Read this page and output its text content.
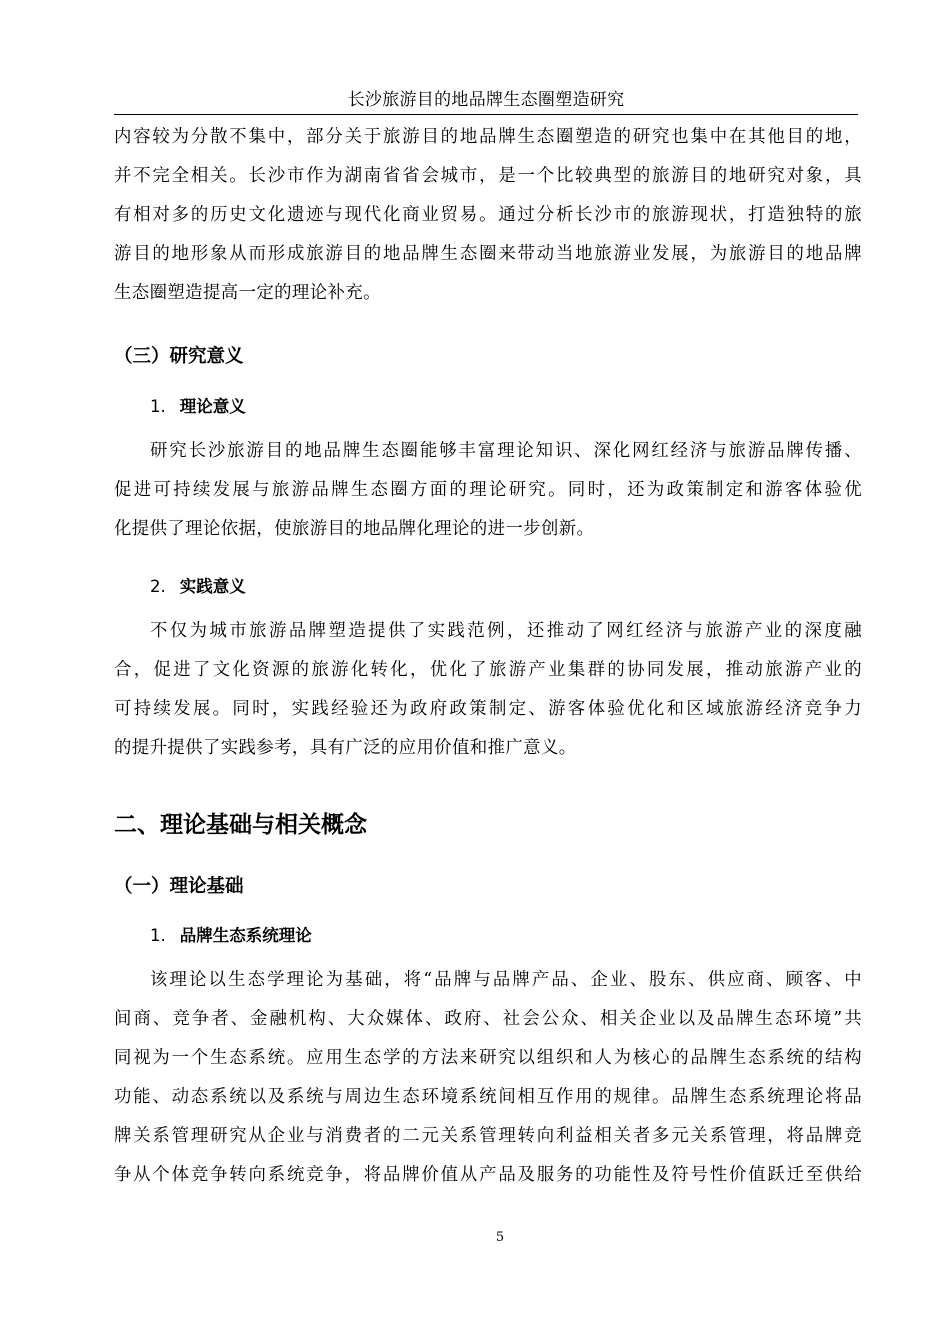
长沙旅游目的地品牌生态圈塑造研究
内容较为分散不集中，部分关于旅游目的地品牌生态圈塑造的研究也集中在其他目的地，
并不完全相关。长沙市作为湖南省省会城市，是一个比较典型的旅游目的地研究对象，具
有相对多的历史文化遗迹与现代化商业贸易。通过分析长沙市的旅游现状，打造独特的旅
游目的地形象从而形成旅游目的地品牌生态圈来带动当地旅游业发展，为旅游目的地品牌
生态圈塑造提高一定的理论补充。
（三）研究意义
1. 理论意义
研究长沙旅游目的地品牌生态圈能够丰富理论知识、深化网红经济与旅游品牌传播、
促进可持续发展与旅游品牌生态圈方面的理论研究。同时，还为政策制定和游客体验优
化提供了理论依据，使旅游目的地品牌化理论的进一步创新。
2. 实践意义
不仅为城市旅游品牌塑造提供了实践范例，还推动了网红经济与旅游产业的深度融
合，促进了文化资源的旅游化转化，优化了旅游产业集群的协同发展，推动旅游产业的
可持续发展。同时，实践经验还为政府政策制定、游客体验优化和区域旅游经济竞争力
的提升提供了实践参考，具有广泛的应用价值和推广意义。
二、理论基础与相关概念
（一）理论基础
1. 品牌生态系统理论
该理论以生态学理论为基础，将“品牌与品牌产品、企业、股东、供应商、顾客、中
间商、竞争者、金融机构、大众媒体、政府、社会公众、相关企业以及品牌生态环境”共
同视为一个生态系统。应用生态学的方法来研究以组织和人为核心的品牌生态系统的结构
功能、动态系统以及系统与周边生态环境系统间相互作用的规律。品牌生态系统理论将品
牌关系管理研究从企业与消费者的二元关系管理转向利益相关者多元关系管理，将品牌竞
争从个体竞争转向系统竞争，将品牌价值从产品及服务的功能性及符号性价值跃迁至供给
5
